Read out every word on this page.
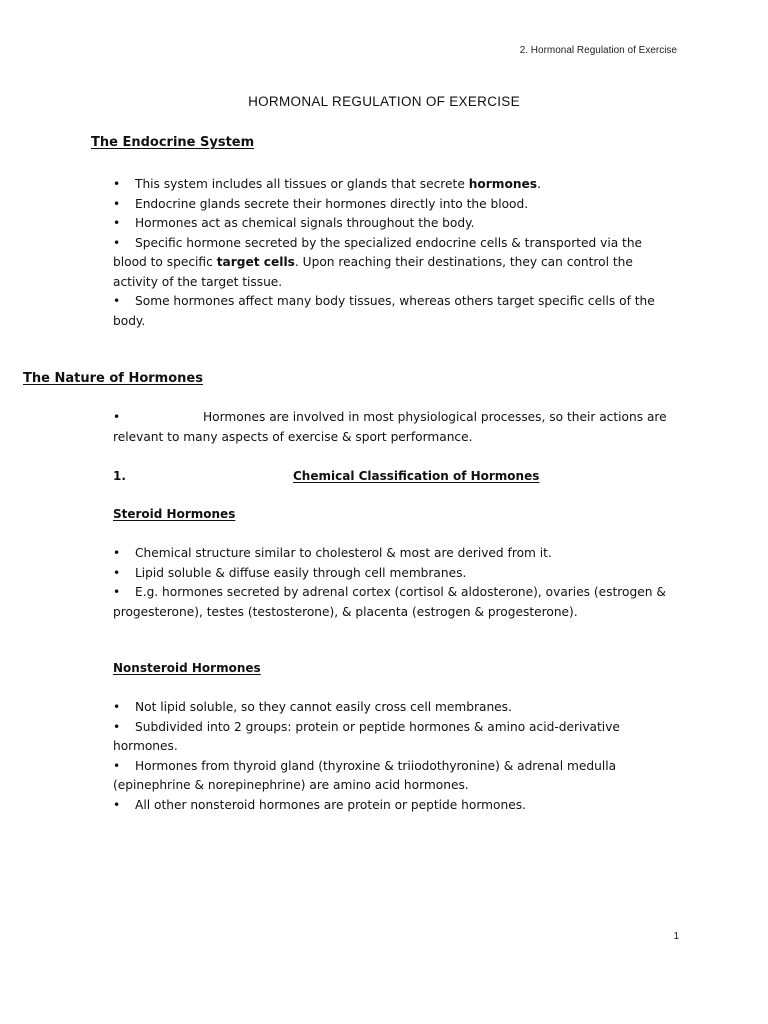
2. Hormonal Regulation of Exercise
HORMONAL REGULATION OF EXERCISE
The Endocrine System

• This system includes all tissues or glands that secrete hormones.

• Endocrine glands secrete their hormones directly into the blood.

• Hormones act as chemical signals throughout the body.

• Specific hormone secreted by the specialized endocrine cells & transported via the blood to specific target cells. Upon reaching their destinations, they can control the activity of the target tissue.

• Some hormones affect many body tissues, whereas others target specific cells of the body.

The Nature of Hormones

•	Hormones are involved in most physiological processes, so their actions are relevant to many aspects of exercise & sport performance.

1.	Chemical Classification of Hormones
Steroid Hormones

• Chemical structure similar to cholesterol & most are derived from it.

• Lipid soluble & diffuse easily through cell membranes.

• E.g. hormones secreted by adrenal cortex (cortisol & aldosterone), ovaries (estrogen & progesterone), testes (testosterone), & placenta (estrogen & progesterone).

Nonsteroid Hormones

• Not lipid soluble, so they cannot easily cross cell membranes.

• Subdivided into 2 groups: protein or peptide hormones & amino acid-derivative hormones.

• Hormones from thyroid gland (thyroxine & triiodothyronine) & adrenal medulla (epinephrine & norepinephrine) are amino acid hormones.

• All other nonsteroid hormones are protein or peptide hormones.

1
